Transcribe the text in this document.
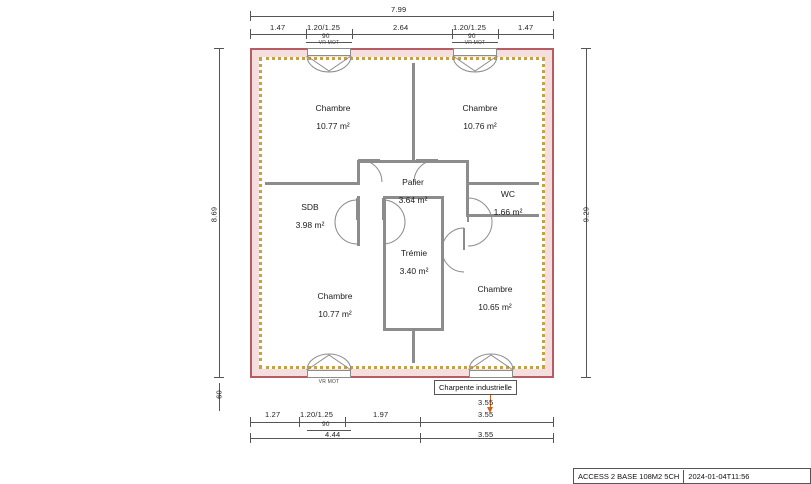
7.99
1.47	1.20/1.25	2.64	1.20/1.25	1.47
90	90
8.69	9.29
60
VR MOT	VR MOT
VR MOT
Chambre
10.77 m²
Chambre
10.76 m²
Palier
3.64 m²
WC
1.66 m²
SDB
3.98 m²
Trémie
3.40 m²
Chambre
10.77 m²
Chambre
10.65 m²
Charpente industrielle
1.27	1.20/1.25	1.97	3.55
90
4.44	3.55
3.55
ACCESS 2 BASE 108M2 5CH	2024-01-04T11:56
